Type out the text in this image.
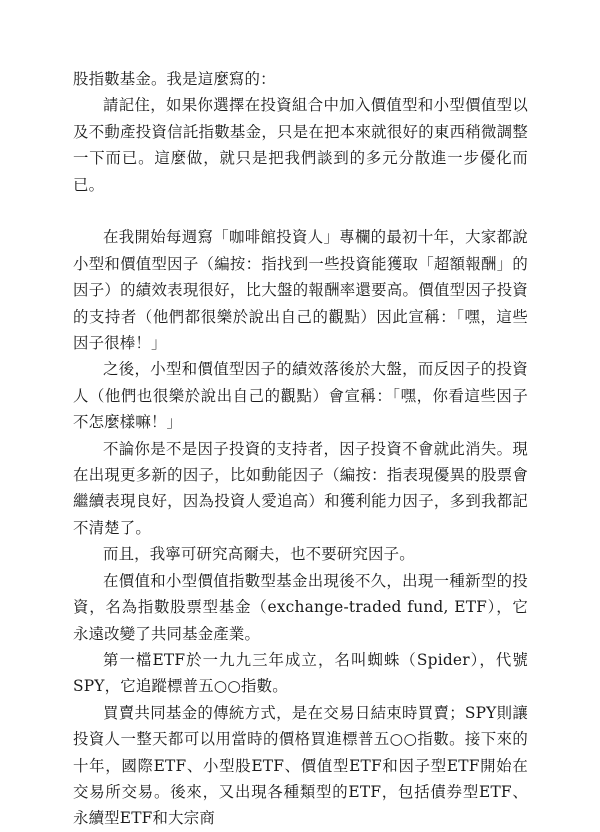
股指數基金。我是這麼寫的：

請記住，如果你選擇在投資組合中加入價值型和小型價值型以及不動產投資信託指數基金，只是在把本來就很好的東西稍微調整一下而已。這麼做，就只是把我們談到的多元分散進一步優化而已。

在我開始每週寫「咖啡館投資人」專欄的最初十年，大家都說小型和價值型因子（編按：指找到一些投資能獲取「超額報酬」的因子）的績效表現很好，比大盤的報酬率還要高。價值型因子投資的支持者（他們都很樂於說出自己的觀點）因此宣稱：「嘿，這些因子很棒！」

之後，小型和價值型因子的績效落後於大盤，而反因子的投資人（他們也很樂於說出自己的觀點）會宣稱：「嘿，你看這些因子不怎麼樣嘛！」

不論你是不是因子投資的支持者，因子投資不會就此消失。現在出現更多新的因子，比如動能因子（編按：指表現優異的股票會繼續表現良好，因為投資人愛追高）和獲利能力因子，多到我都記不清楚了。

而且，我寧可研究高爾夫，也不要研究因子。

在價值和小型價值指數型基金出現後不久，出現一種新型的投資，名為指數股票型基金（exchange-traded fund, ETF），它永遠改變了共同基金產業。

第一檔ETF於一九九三年成立，名叫蜘蛛（Spider），代號SPY，它追蹤標普五○○指數。

買賣共同基金的傳統方式，是在交易日結束時買賣；SPY則讓投資人一整天都可以用當時的價格買進標普五○○指數。接下來的十年，國際ETF、小型股ETF、價值型ETF和因子型ETF開始在交易所交易。後來，又出現各種類型的ETF，包括債券型ETF、永續型ETF和大宗商
